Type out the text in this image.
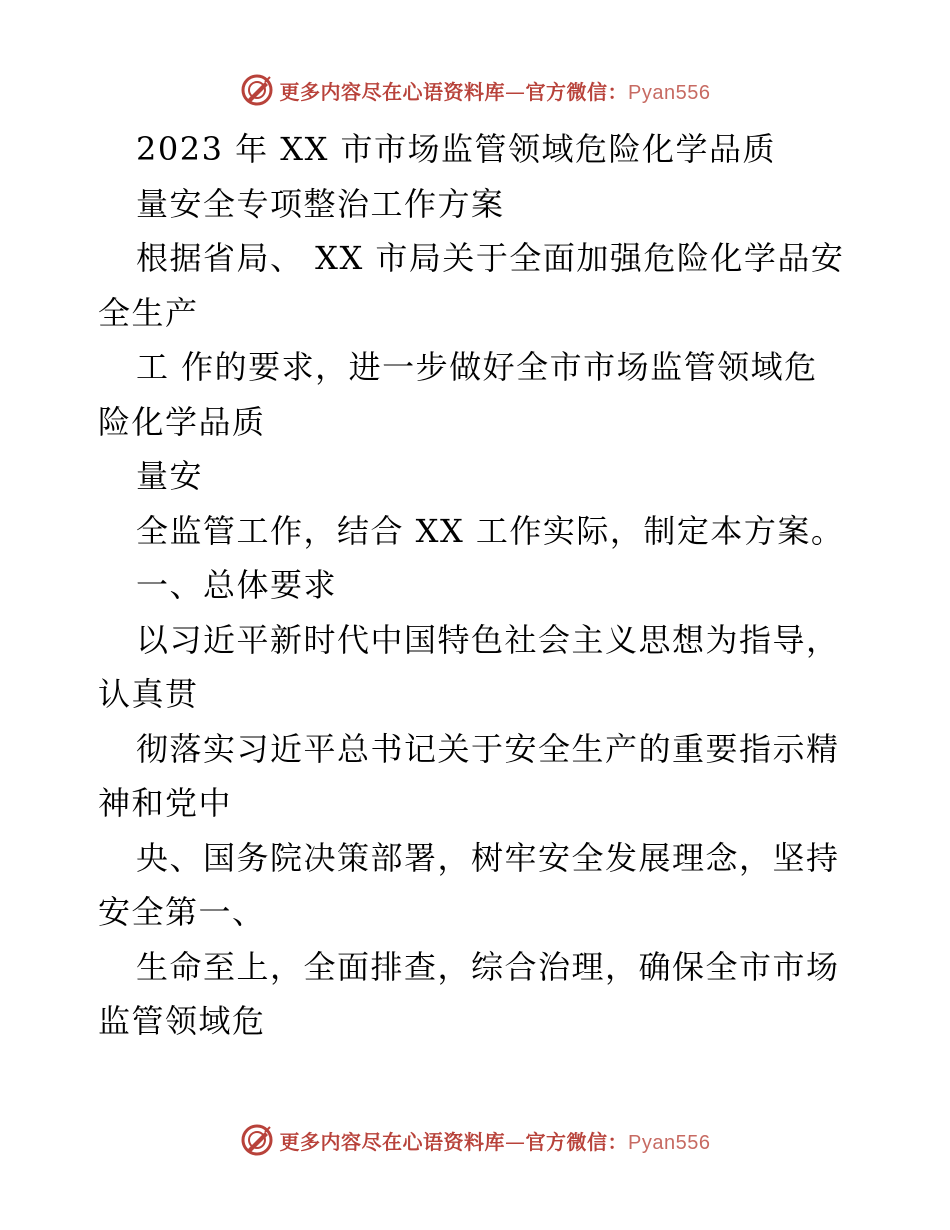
更多内容尽在心语资料库—官方微信：Pyan556
2023 年 XX 市市场监管领域危险化学品质
量安全专项整治工作方案
根据省局、 XX 市局关于全面加强危险化学品安
全生产
工 作的要求，进一步做好全市市场监管领域危
险化学品质
量安
全监管工作，结合 XX 工作实际，制定本方案。
一、总体要求
以习近平新时代中国特色社会主义思想为指导，
认真贯
彻落实习近平总书记关于安全生产的重要指示精
神和党中
央、国务院决策部署，树牢安全发展理念，坚持
安全第一、
生命至上，全面排查，综合治理，确保全市市场
监管领域危
更多内容尽在心语资料库—官方微信：Pyan556
